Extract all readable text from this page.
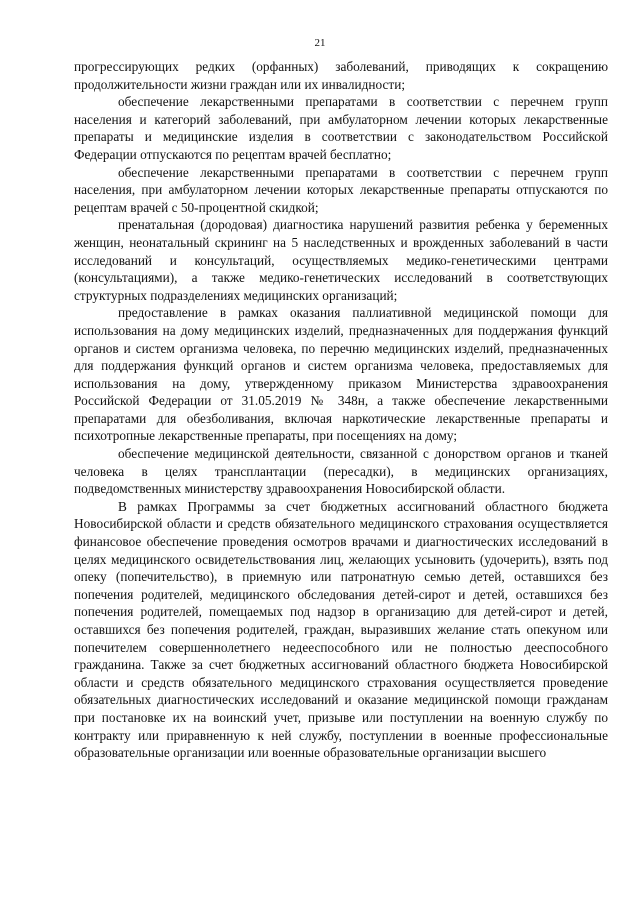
21

прогрессирующих редких (орфанных) заболеваний, приводящих к сокращению продолжительности жизни граждан или их инвалидности;

обеспечение лекарственными препаратами в соответствии с перечнем групп населения и категорий заболеваний, при амбулаторном лечении которых лекарственные препараты и медицинские изделия в соответствии с законодательством Российской Федерации отпускаются по рецептам врачей бесплатно;

обеспечение лекарственными препаратами в соответствии с перечнем групп населения, при амбулаторном лечении которых лекарственные препараты отпускаются по рецептам врачей с 50-процентной скидкой;

пренатальная (дородовая) диагностика нарушений развития ребенка у беременных женщин, неонатальный скрининг на 5 наследственных и врожденных заболеваний в части исследований и консультаций, осуществляемых медико-генетическими центрами (консультациями), а также медико-генетических исследований в соответствующих структурных подразделениях медицинских организаций;

предоставление в рамках оказания паллиативной медицинской помощи для использования на дому медицинских изделий, предназначенных для поддержания функций органов и систем организма человека, по перечню медицинских изделий, предназначенных для поддержания функций органов и систем организма человека, предоставляемых для использования на дому, утвержденному приказом Министерства здравоохранения Российской Федерации от 31.05.2019 № 348н, а также обеспечение лекарственными препаратами для обезболивания, включая наркотические лекарственные препараты и психотропные лекарственные препараты, при посещениях на дому;

обеспечение медицинской деятельности, связанной с донорством органов и тканей человека в целях трансплантации (пересадки), в медицинских организациях, подведомственных министерству здравоохранения Новосибирской области.

В рамках Программы за счет бюджетных ассигнований областного бюджета Новосибирской области и средств обязательного медицинского страхования осуществляется финансовое обеспечение проведения осмотров врачами и диагностических исследований в целях медицинского освидетельствования лиц, желающих усыновить (удочерить), взять под опеку (попечительство), в приемную или патронатную семью детей, оставшихся без попечения родителей, медицинского обследования детей-сирот и детей, оставшихся без попечения родителей, помещаемых под надзор в организацию для детей-сирот и детей, оставшихся без попечения родителей, граждан, выразивших желание стать опекуном или попечителем совершеннолетнего недееспособного или не полностью дееспособного гражданина. Также за счет бюджетных ассигнований областного бюджета Новосибирской области и средств обязательного медицинского страхования осуществляется проведение обязательных диагностических исследований и оказание медицинской помощи гражданам при постановке их на воинский учет, призыве или поступлении на военную службу по контракту или приравненную к ней службу, поступлении в военные профессиональные образовательные организации или военные образовательные организации высшего
